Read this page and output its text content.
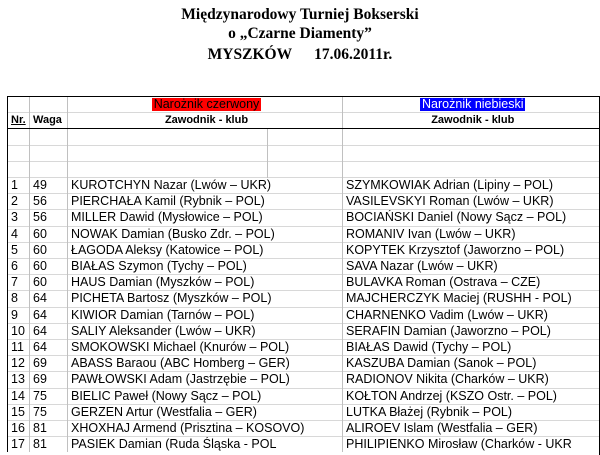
Międzynarodowy Turniej Bokserski
o „Czarne Diamenty”
MYSZKÓW 17.06.2011r.
		Narożnik czerwony		Narożnik niebieski
Nr.	Waga	Zawodnik - klub		Zawodnik - klub

1	49	KUROTCHYN Nazar (Lwów – UKR)		SZYMKOWIAK Adrian (Lipiny – POL)
2	56	PIERCHAŁA Kamil (Rybnik – POL)		VASILEVSKYI Roman (Lwów – UKR)
3	56	MILLER Dawid (Mysłowice – POL)		BOCIAŃSKI Daniel (Nowy Sącz – POL)
4	60	NOWAK Damian (Busko Zdr. – POL)		ROMANIV Ivan (Lwów – UKR)
5	60	ŁAGODA Aleksy (Katowice – POL)		KOPYTEK Krzysztof (Jaworzno – POL)
6	60	BIAŁAS Szymon (Tychy – POL)		SAVA Nazar (Lwów – UKR)
7	60	HAUS Damian (Myszków – POL)		BULAVKA Roman (Ostrava – CZE)
8	64	PICHETA Bartosz (Myszków – POL)		MAJCHERCZYK Maciej (RUSHH - POL)
9	64	KIWIOR Damian (Tarnów – POL)		CHARNENKO Vadim (Lwów – UKR)
10	64	SALIY Aleksander (Lwów – UKR)		SERAFIN Damian (Jaworzno – POL)
11	64	SMOKOWSKI Michael (Knurów – POL)		BIAŁAS Dawid (Tychy – POL)
12	69	ABASS Baraou (ABC Homberg – GER)		KASZUBA Damian (Sanok – POL)
13	69	PAWŁOWSKI Adam (Jastrzębie – POL)		RADIONOV Nikita (Charków – UKR)
14	75	BIELIC Paweł (Nowy Sącz – POL)		KOŁTON Andrzej (KSZO Ostr. – POL)
15	75	GERZEN Artur (Westfalia – GER)		LUTKA Błażej (Rybnik – POL)
16	81	XHOXHAJ Armend (Prisztina – KOSOVO)		ALIROEV Islam (Westfalia – GER)
17	81	PASIEK Damian (Ruda Śląska - POL		PHILIPIENKO Mirosław (Charków - UKR
